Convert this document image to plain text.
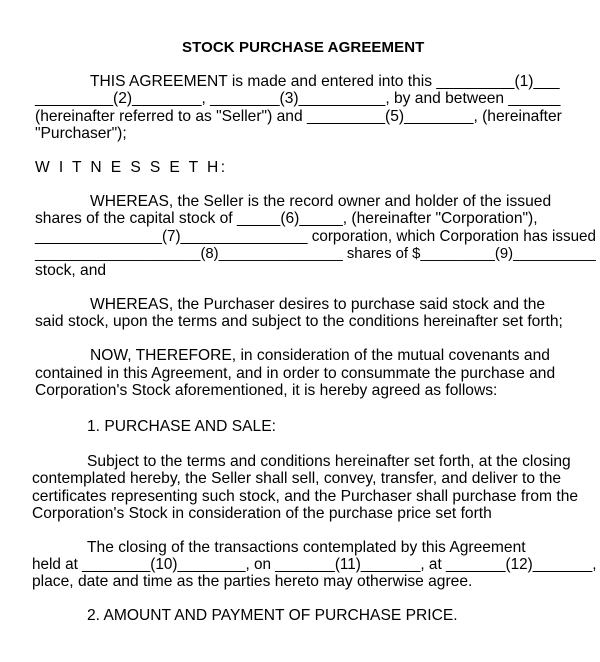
STOCK PURCHASE AGREEMENT
THIS AGREEMENT is made and entered into this _________(1)___
_________(2)________, ________(3)__________, by and between ______
(hereinafter referred to as "Seller") and _________(5)________, (hereinafter
"Purchaser");
W I T N E S S E T H:
WHEREAS, the Seller is the record owner and holder of the issued
shares of the capital stock of _____(6)_____, (hereinafter "Corporation"),
_______________(7)_______________ corporation, which Corporation has issued
____________________(8)_______________ shares of $_________(9)__________
stock, and
WHEREAS, the Purchaser desires to purchase said stock and the
said stock, upon the terms and subject to the conditions hereinafter set forth;
NOW, THEREFORE, in consideration of the mutual covenants and
contained in this Agreement, and in order to consummate the purchase and
Corporation's Stock aforementioned, it is hereby agreed as follows:
1. PURCHASE AND SALE:
Subject to the terms and conditions hereinafter set forth, at the closing
contemplated hereby, the Seller shall sell, convey, transfer, and deliver to the
certificates representing such stock, and the Purchaser shall purchase from the
Corporation's Stock in consideration of the purchase price set forth
The closing of the transactions contemplated by this Agreement
held at ________(10)________, on _______(11)_______, at _______(12)_______,
place, date and time as the parties hereto may otherwise agree.
2. AMOUNT AND PAYMENT OF PURCHASE PRICE.
